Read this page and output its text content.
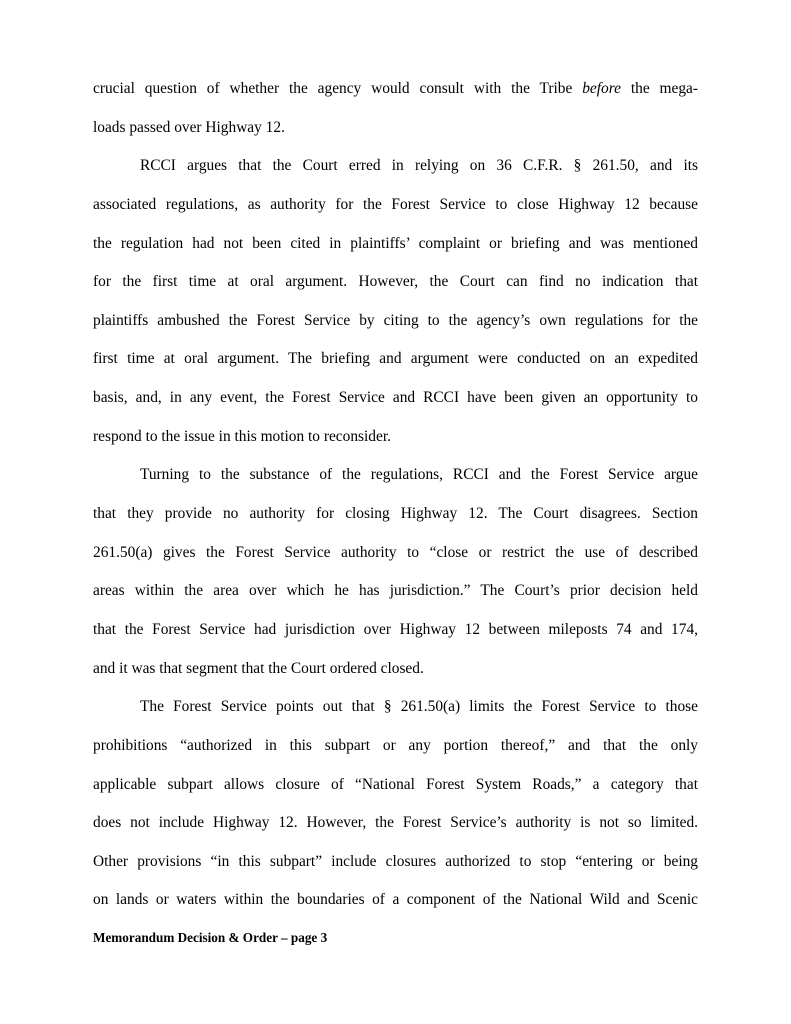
crucial question of whether the agency would consult with the Tribe before the mega-
loads passed over Highway 12.
RCCI argues that the Court erred in relying on 36 C.F.R. § 261.50, and its
associated regulations, as authority for the Forest Service to close Highway 12 because
the regulation had not been cited in plaintiffs’ complaint or briefing and was mentioned
for the first time at oral argument. However, the Court can find no indication that
plaintiffs ambushed the Forest Service by citing to the agency’s own regulations for the
first time at oral argument. The briefing and argument were conducted on an expedited
basis, and, in any event, the Forest Service and RCCI have been given an opportunity to
respond to the issue in this motion to reconsider.
Turning to the substance of the regulations, RCCI and the Forest Service argue
that they provide no authority for closing Highway 12. The Court disagrees. Section
261.50(a) gives the Forest Service authority to “close or restrict the use of described
areas within the area over which he has jurisdiction.” The Court’s prior decision held
that the Forest Service had jurisdiction over Highway 12 between mileposts 74 and 174,
and it was that segment that the Court ordered closed.
The Forest Service points out that § 261.50(a) limits the Forest Service to those
prohibitions “authorized in this subpart or any portion thereof,” and that the only
applicable subpart allows closure of “National Forest System Roads,” a category that
does not include Highway 12. However, the Forest Service’s authority is not so limited.
Other provisions “in this subpart” include closures authorized to stop “entering or being
on lands or waters within the boundaries of a component of the National Wild and Scenic
Memorandum Decision & Order – page 3
